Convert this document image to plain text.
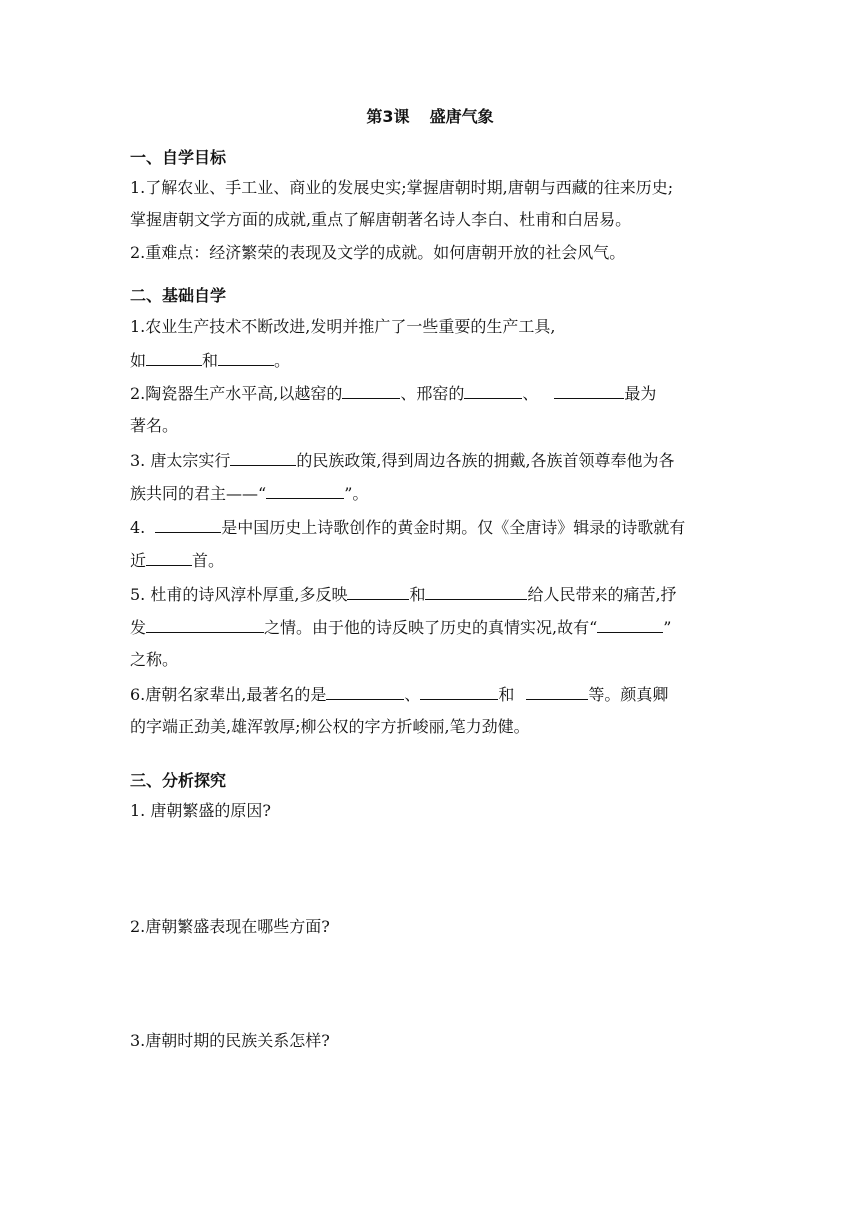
第3课 盛唐气象
一、自学目标
1.了解农业、手工业、商业的发展史实;掌握唐朝时期,唐朝与西藏的往来历史;
掌握唐朝文学方面的成就,重点了解唐朝著名诗人李白、杜甫和白居易。
2.重难点：经济繁荣的表现及文学的成就。如何唐朝开放的社会风气。
二、基础自学
1.农业生产技术不断改进,发明并推广了一些重要的生产工具,
如	和	。
2.陶瓷器生产水平高,以越窑的	、邢窑的	、	最为
著名。
3. 唐太宗实行	的民族政策,得到周边各族的拥戴,各族首领尊奉他为各
族共同的君主——“	”。
4.	是中国历史上诗歌创作的黄金时期。仅《全唐诗》辑录的诗歌就有
近	首。
5. 杜甫的诗风淳朴厚重,多反映	和	给人民带来的痛苦,抒
发	之情。由于他的诗反映了历史的真情实况,故有“	”
之称。
6.唐朝名家辈出,最著名的是	、	和	等。颜真卿
的字端正劲美,雄浑敦厚;柳公权的字方折峻丽,笔力劲健。
三、分析探究
1. 唐朝繁盛的原因?
2.唐朝繁盛表现在哪些方面?
3.唐朝时期的民族关系怎样?
